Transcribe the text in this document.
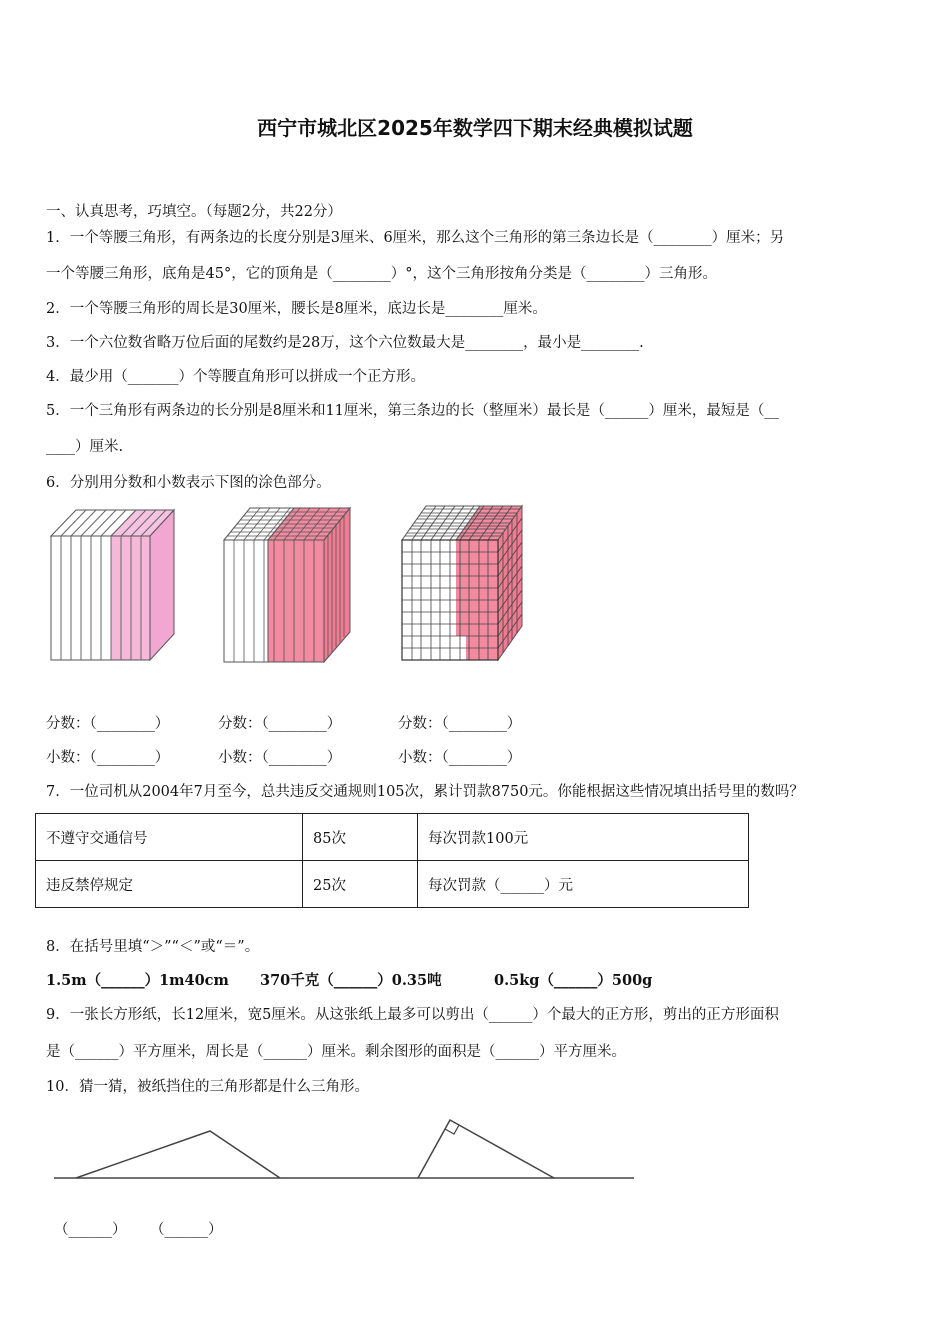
西宁市城北区2025年数学四下期末经典模拟试题
一、认真思考，巧填空。（每题2分，共22分）
1．一个等腰三角形，有两条边的长度分别是3厘米、6厘米，那么这个三角形的第三条边长是（________）厘米；另
一个等腰三角形，底角是45°，它的顶角是（________）°，这个三角形按角分类是（________）三角形。
2．一个等腰三角形的周长是30厘米，腰长是8厘米，底边长是________厘米。
3．一个六位数省略万位后面的尾数约是28万，这个六位数最大是________，最小是________.
4．最少用（_______）个等腰直角形可以拼成一个正方形。
5．一个三角形有两条边的长分别是8厘米和11厘米，第三条边的长（整厘米）最长是（______）厘米，最短是（__
____）厘米.
6．分别用分数和小数表示下图的涂色部分。
分数：（________）	分数：（________）	分数：（________）
小数：（________）	小数：（________）	小数：（________）
7．一位司机从2004年7月至今，总共违反交通规则105次，累计罚款8750元。你能根据这些情况填出括号里的数吗？
不遵守交通信号	85次	每次罚款100元
违反禁停规定	25次	每次罚款（______）元
8．在括号里填“＞”“＜”或“＝”。
1.5m（______）1m40cm 370千克（______）0.35吨	0.5kg（______）500g
9．一张长方形纸，长12厘米，宽5厘米。从这张纸上最多可以剪出（______）个最大的正方形，剪出的正方形面积
是（______）平方厘米，周长是（______）厘米。剩余图形的面积是（______）平方厘米。
10．猜一猜，被纸挡住的三角形都是什么三角形。
（______） （______）
